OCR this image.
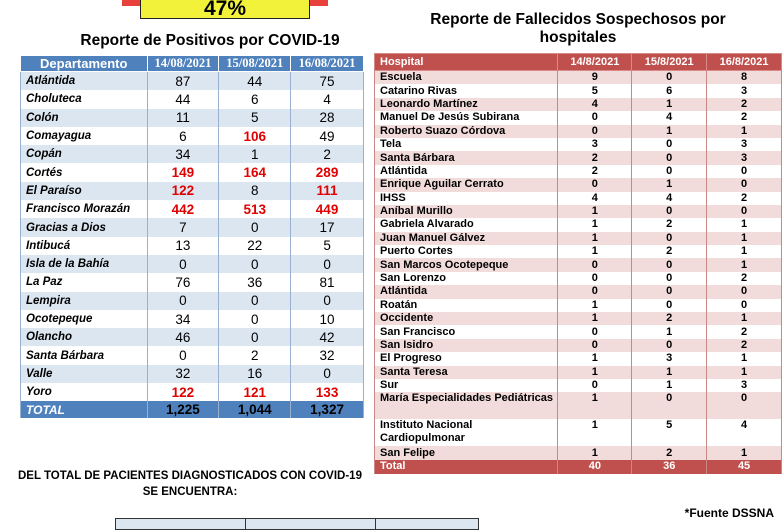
47%
Reporte de Positivos por COVID-19
Reporte de Fallecidos Sospechosos por hospitales
Departamento	14/08/2021	15/08/2021	16/08/2021
Atlántida	87	44	75
Choluteca	44	6	4
Colón	11	5	28
Comayagua	6	106	49
Copán	34	1	2
Cortés	149	164	289
El Paraíso	122	8	111
Francisco Morazán	442	513	449
Gracias a Dios	7	0	17
Intibucá	13	22	5
Isla de la Bahía	0	0	0
La Paz	76	36	81
Lempira	0	0	0
Ocotepeque	34	0	10
Olancho	46	0	42
Santa Bárbara	0	2	32
Valle	32	16	0
Yoro	122	121	133
TOTAL	1,225	1,044	1,327
Hospital	14/8/2021	15/8/2021	16/8/2021
Escuela	9	0	8
Catarino Rivas	5	6	3
Leonardo Martínez	4	1	2
Manuel De Jesús Subirana	0	4	2
Roberto Suazo Córdova	0	1	1
Tela	3	0	3
Santa Bárbara	2	0	3
Atlántida	2	0	0
Enrique Aguilar Cerrato	0	1	0
IHSS	4	4	2
Aníbal Murillo	1	0	0
Gabriela Alvarado	1	2	1
Juan Manuel Gálvez	1	0	1
Puerto Cortes	1	2	1
San Marcos Ocotepeque	0	0	1
San Lorenzo	0	0	2
Atlántida	0	0	0
Roatán	1	0	0
Occidente	1	2	1
San Francisco	0	1	2
San Isidro	0	0	2
El Progreso	1	3	1
Santa Teresa	1	1	1
Sur	0	1	3
María Especialidades Pediátricas	1	0	0
Instituto Nacional Cardiopulmonar	1	5	4
San Felipe	1	2	1
Total	40	36	45
DEL TOTAL DE PACIENTES DIAGNOSTICADOS CON COVID-19 SE ENCUENTRA:
*Fuente DSSNA
